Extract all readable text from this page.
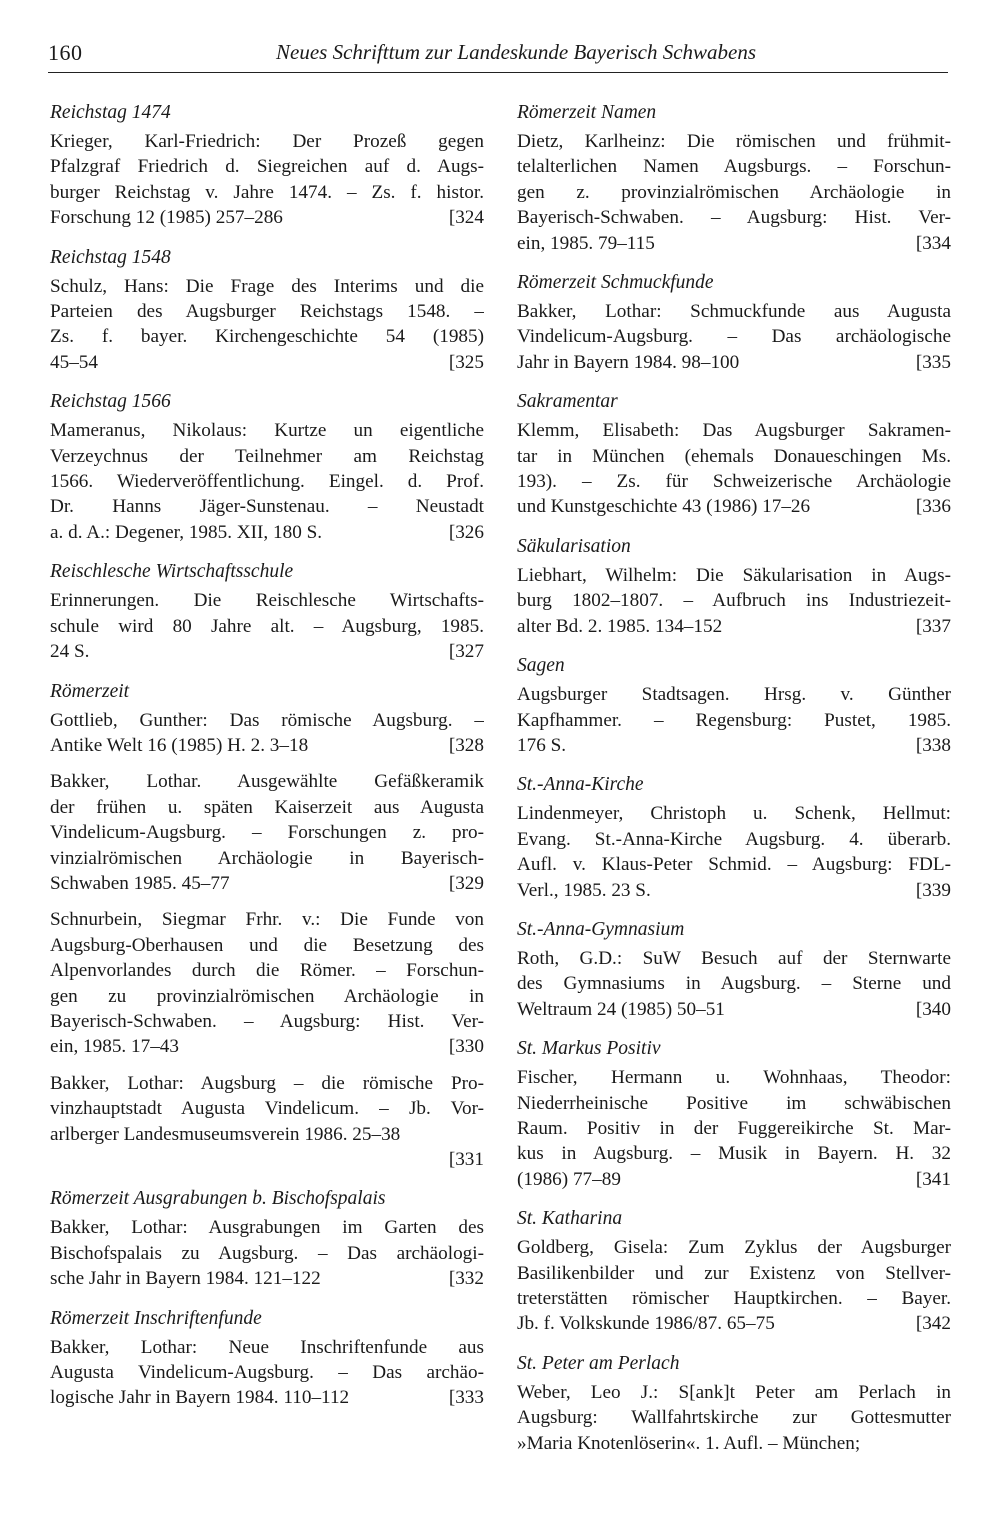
160	Neues Schrifttum zur Landeskunde Bayerisch Schwabens
Reichstag 1474
Krieger, Karl-Friedrich: Der Prozeß gegen
Pfalzgraf Friedrich d. Siegreichen auf d. Augs-
burger Reichstag v. Jahre 1474. – Zs. f. histor.
Forschung 12 (1985) 257–286	[324
Reichstag 1548
Schulz, Hans: Die Frage des Interims und die
Parteien des Augsburger Reichstags 1548. –
Zs. f. bayer. Kirchengeschichte 54 (1985)
45–54	[325
Reichstag 1566
Mameranus, Nikolaus: Kurtze un eigentliche
Verzeychnus der Teilnehmer am Reichstag
1566. Wiederveröffentlichung. Eingel. d. Prof.
Dr. Hanns Jäger-Sunstenau. – Neustadt
a. d. A.: Degener, 1985. XII, 180 S.	[326
Reischlesche Wirtschaftsschule
Erinnerungen. Die Reischlesche Wirtschafts-
schule wird 80 Jahre alt. – Augsburg, 1985.
24 S.	[327
Römerzeit
Gottlieb, Gunther: Das römische Augsburg. –
Antike Welt 16 (1985) H. 2. 3–18	[328
Bakker, Lothar. Ausgewählte Gefäßkeramik
der frühen u. späten Kaiserzeit aus Augusta
Vindelicum-Augsburg. – Forschungen z. pro-
vinzialrömischen Archäologie in Bayerisch-
Schwaben 1985. 45–77	[329
Schnurbein, Siegmar Frhr. v.: Die Funde von
Augsburg-Oberhausen und die Besetzung des
Alpenvorlandes durch die Römer. – Forschun-
gen zu provinzialrömischen Archäologie in
Bayerisch-Schwaben. – Augsburg: Hist. Ver-
ein, 1985. 17–43	[330
Bakker, Lothar: Augsburg – die römische Pro-
vinzhauptstadt Augusta Vindelicum. – Jb. Vor-
arlberger Landesmuseumsverein 1986. 25–38
[331
Römerzeit Ausgrabungen b. Bischofspalais
Bakker, Lothar: Ausgrabungen im Garten des
Bischofspalais zu Augsburg. – Das archäologi-
sche Jahr in Bayern 1984. 121–122	[332
Römerzeit Inschriftenfunde
Bakker, Lothar: Neue Inschriftenfunde aus
Augusta Vindelicum-Augsburg. – Das archäo-
logische Jahr in Bayern 1984. 110–112	[333
Römerzeit Namen
Dietz, Karlheinz: Die römischen und frühmit-
telalterlichen Namen Augsburgs. – Forschun-
gen z. provinzialrömischen Archäologie in
Bayerisch-Schwaben. – Augsburg: Hist. Ver-
ein, 1985. 79–115	[334
Römerzeit Schmuckfunde
Bakker, Lothar: Schmuckfunde aus Augusta
Vindelicum-Augsburg. – Das archäologische
Jahr in Bayern 1984. 98–100	[335
Sakramentar
Klemm, Elisabeth: Das Augsburger Sakramen-
tar in München (ehemals Donaueschingen Ms.
193). – Zs. für Schweizerische Archäologie
und Kunstgeschichte 43 (1986) 17–26	[336
Säkularisation
Liebhart, Wilhelm: Die Säkularisation in Augs-
burg 1802–1807. – Aufbruch ins Industriezeit-
alter Bd. 2. 1985. 134–152	[337
Sagen
Augsburger Stadtsagen. Hrsg. v. Günther
Kapfhammer. – Regensburg: Pustet, 1985.
176 S.	[338
St.-Anna-Kirche
Lindenmeyer, Christoph u. Schenk, Hellmut:
Evang. St.-Anna-Kirche Augsburg. 4. überarb.
Aufl. v. Klaus-Peter Schmid. – Augsburg: FDL-
Verl., 1985. 23 S.	[339
St.-Anna-Gymnasium
Roth, G.D.: SuW Besuch auf der Sternwarte
des Gymnasiums in Augsburg. – Sterne und
Weltraum 24 (1985) 50–51	[340
St. Markus Positiv
Fischer, Hermann u. Wohnhaas, Theodor:
Niederrheinische Positive im schwäbischen
Raum. Positiv in der Fuggereikirche St. Mar-
kus in Augsburg. – Musik in Bayern. H. 32
(1986) 77–89	[341
St. Katharina
Goldberg, Gisela: Zum Zyklus der Augsburger
Basilikenbilder und zur Existenz von Stellver-
treterstätten römischer Hauptkirchen. – Bayer.
Jb. f. Volkskunde 1986/87. 65–75	[342
St. Peter am Perlach
Weber, Leo J.: S[ank]t Peter am Perlach in
Augsburg: Wallfahrtskirche zur Gottesmutter
»Maria Knotenlöserin«. 1. Aufl. – München;
